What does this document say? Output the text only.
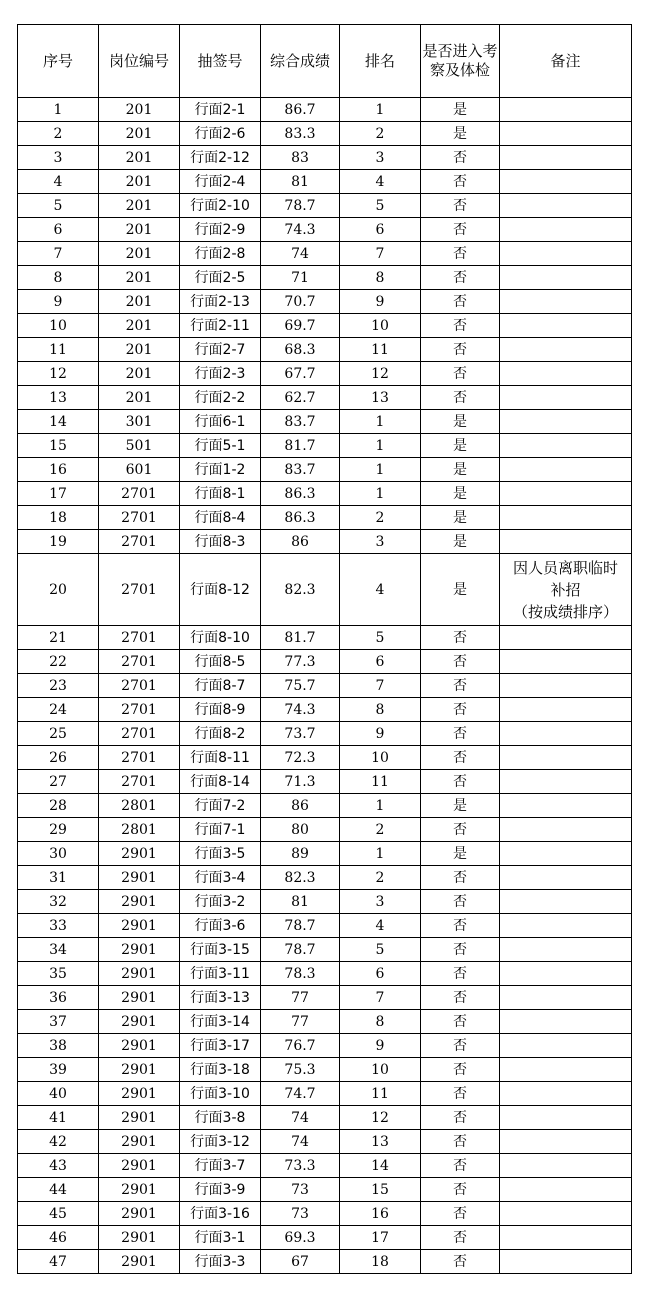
序号	岗位编号	抽签号	综合成绩	排名	是否进入考察及体检	备注
1	201	行面2-1	86.7	1	是	
2	201	行面2-6	83.3	2	是	
3	201	行面2-12	83	3	否	
4	201	行面2-4	81	4	否	
5	201	行面2-10	78.7	5	否	
6	201	行面2-9	74.3	6	否	
7	201	行面2-8	74	7	否	
8	201	行面2-5	71	8	否	
9	201	行面2-13	70.7	9	否	
10	201	行面2-11	69.7	10	否	
11	201	行面2-7	68.3	11	否	
12	201	行面2-3	67.7	12	否	
13	201	行面2-2	62.7	13	否	
14	301	行面6-1	83.7	1	是	
15	501	行面5-1	81.7	1	是	
16	601	行面1-2	83.7	1	是	
17	2701	行面8-1	86.3	1	是	
18	2701	行面8-4	86.3	2	是	
19	2701	行面8-3	86	3	是	
20	2701	行面8-12	82.3	4	是	因人员离职临时
补招
（按成绩排序）
21	2701	行面8-10	81.7	5	否	
22	2701	行面8-5	77.3	6	否	
23	2701	行面8-7	75.7	7	否	
24	2701	行面8-9	74.3	8	否	
25	2701	行面8-2	73.7	9	否	
26	2701	行面8-11	72.3	10	否	
27	2701	行面8-14	71.3	11	否	
28	2801	行面7-2	86	1	是	
29	2801	行面7-1	80	2	否	
30	2901	行面3-5	89	1	是	
31	2901	行面3-4	82.3	2	否	
32	2901	行面3-2	81	3	否	
33	2901	行面3-6	78.7	4	否	
34	2901	行面3-15	78.7	5	否	
35	2901	行面3-11	78.3	6	否	
36	2901	行面3-13	77	7	否	
37	2901	行面3-14	77	8	否	
38	2901	行面3-17	76.7	9	否	
39	2901	行面3-18	75.3	10	否	
40	2901	行面3-10	74.7	11	否	
41	2901	行面3-8	74	12	否	
42	2901	行面3-12	74	13	否	
43	2901	行面3-7	73.3	14	否	
44	2901	行面3-9	73	15	否	
45	2901	行面3-16	73	16	否	
46	2901	行面3-1	69.3	17	否	
47	2901	行面3-3	67	18	否	
